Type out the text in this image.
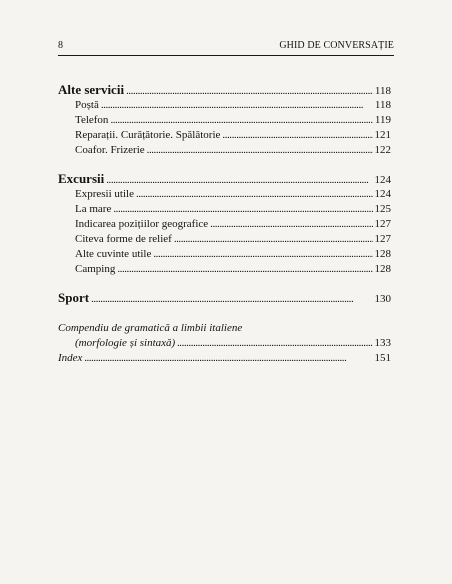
8	GHID DE CONVERSAȚIE
Alte servicii . . .	118
Poștă . . .	118
Telefon . . .	119
Reparații. Curățătorie. Spălătorie . . .	121
Coafor. Frizerie . . .	122
Excursii . . .	124
Expresii utile . . .	124
La mare . . .	125
Indicarea pozițiilor geografice . . .	127
Citeva forme de relief . . .	127
Alte cuvinte utile . . .	128
Camping . . .	128
Sport . . .	130
Compendiu de gramatică a limbii italiene
(morfologie și sintaxă) . . .	133
Index . . .	151
